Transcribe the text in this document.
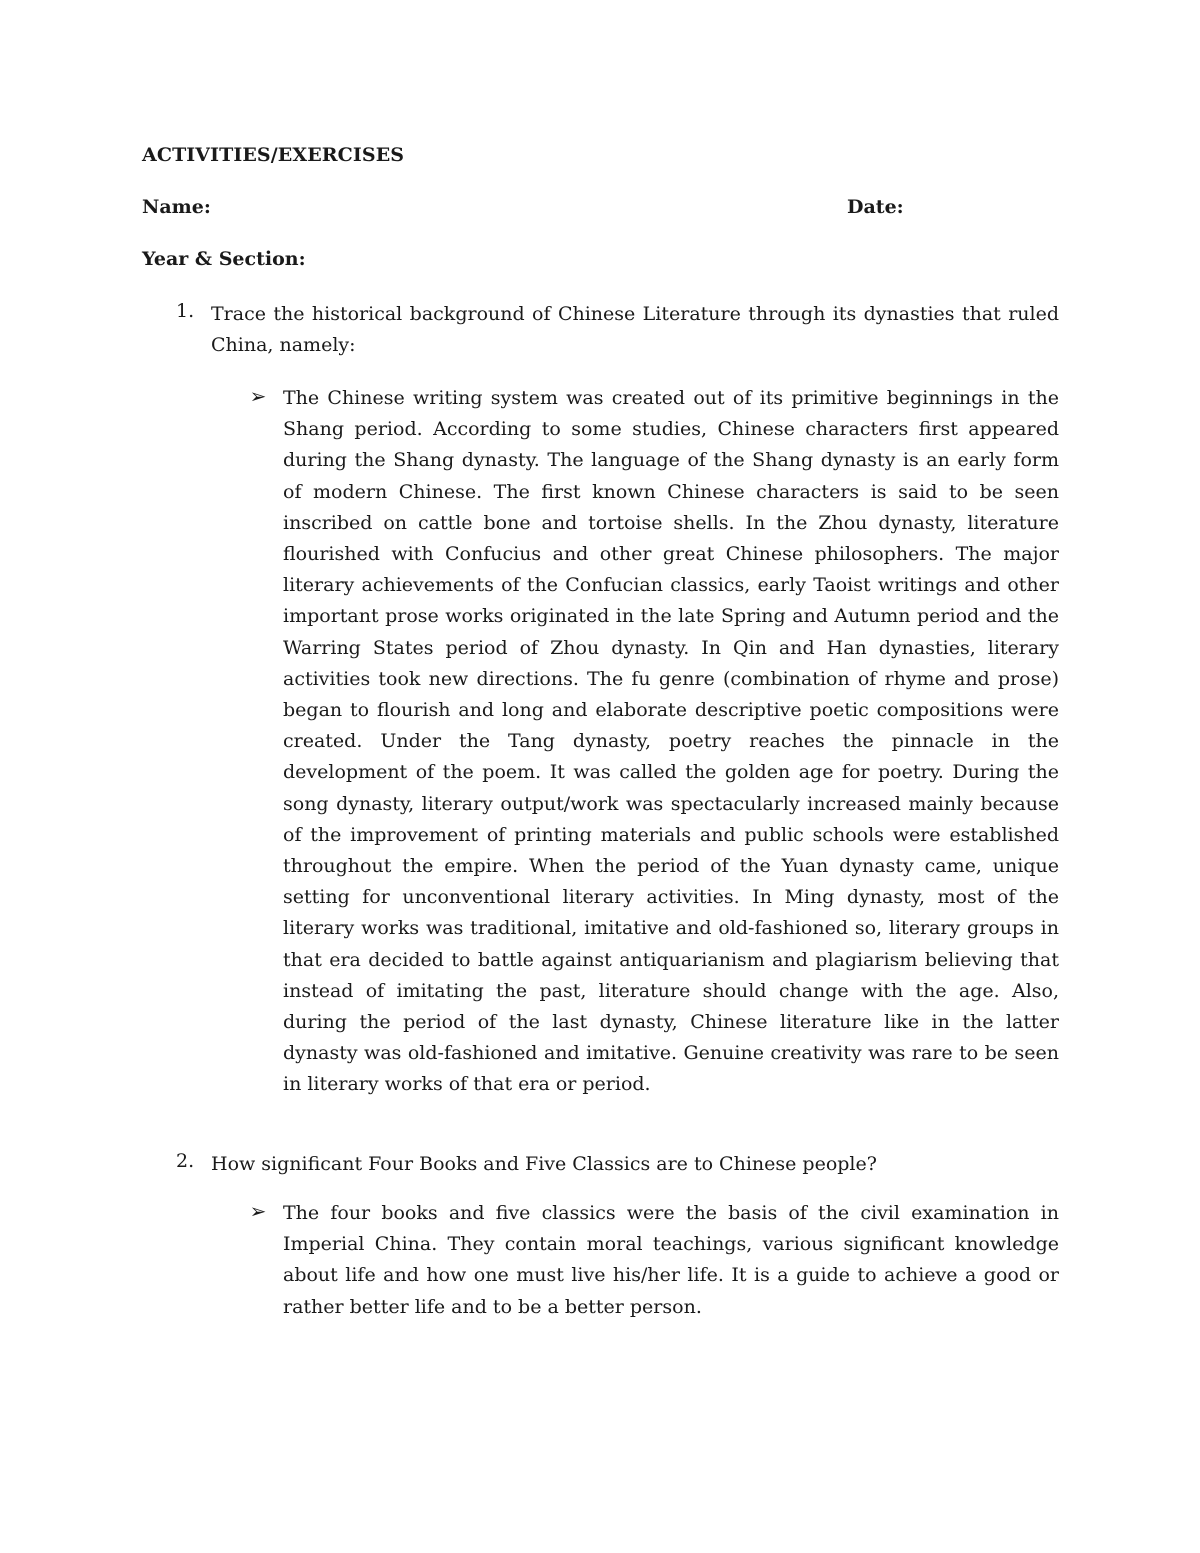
ACTIVITIES/EXERCISES
Name:	Date:
Year & Section:
1. Trace the historical background of Chinese Literature through its dynasties that ruled China, namely:
➢ The Chinese writing system was created out of its primitive beginnings in the Shang period. According to some studies, Chinese characters first appeared during the Shang dynasty. The language of the Shang dynasty is an early form of modern Chinese. The first known Chinese characters is said to be seen inscribed on cattle bone and tortoise shells. In the Zhou dynasty, literature flourished with Confucius and other great Chinese philosophers. The major literary achievements of the Confucian classics, early Taoist writings and other important prose works originated in the late Spring and Autumn period and the Warring States period of Zhou dynasty. In Qin and Han dynasties, literary activities took new directions. The fu genre (combination of rhyme and prose) began to flourish and long and elaborate descriptive poetic compositions were created. Under the Tang dynasty, poetry reaches the pinnacle in the development of the poem. It was called the golden age for poetry. During the song dynasty, literary output/work was spectacularly increased mainly because of the improvement of printing materials and public schools were established throughout the empire. When the period of the Yuan dynasty came, unique setting for unconventional literary activities. In Ming dynasty, most of the literary works was traditional, imitative and old-fashioned so, literary groups in that era decided to battle against antiquarianism and plagiarism believing that instead of imitating the past, literature should change with the age. Also, during the period of the last dynasty, Chinese literature like in the latter dynasty was old-fashioned and imitative. Genuine creativity was rare to be seen in literary works of that era or period.
2. How significant Four Books and Five Classics are to Chinese people?
➢ The four books and five classics were the basis of the civil examination in Imperial China. They contain moral teachings, various significant knowledge about life and how one must live his/her life. It is a guide to achieve a good or rather better life and to be a better person.
